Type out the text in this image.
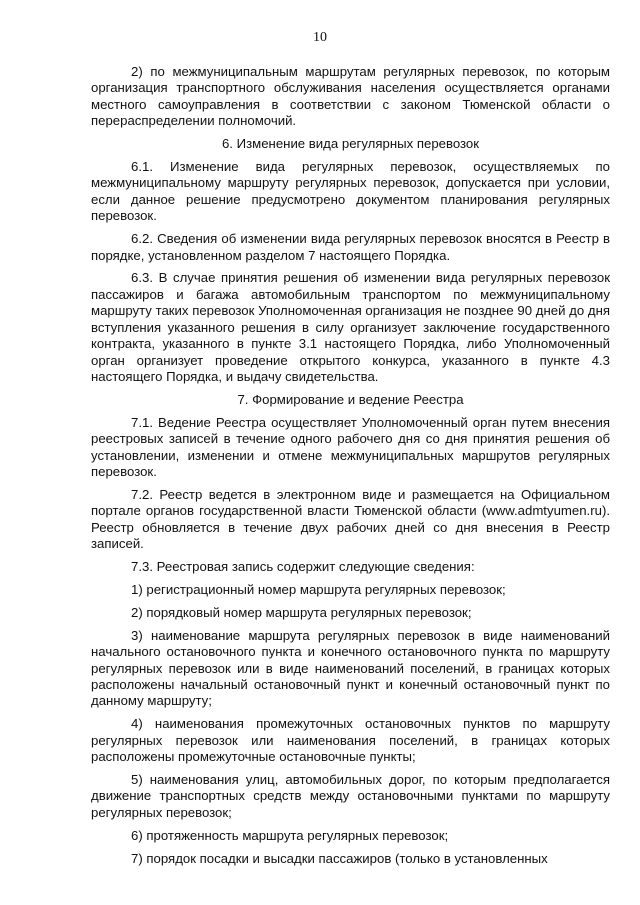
10

2) по межмуниципальным маршрутам регулярных перевозок, по которым организация транспортного обслуживания населения осуществляется органами местного самоуправления в соответствии с законом Тюменской области о перераспределении полномочий.

6. Изменение вида регулярных перевозок

6.1. Изменение вида регулярных перевозок, осуществляемых по межмуниципальному маршруту регулярных перевозок, допускается при условии, если данное решение предусмотрено документом планирования регулярных перевозок.

6.2. Сведения об изменении вида регулярных перевозок вносятся в Реестр в порядке, установленном разделом 7 настоящего Порядка.

6.3. В случае принятия решения об изменении вида регулярных перевозок пассажиров и багажа автомобильным транспортом по межмуниципальному маршруту таких перевозок Уполномоченная организация не позднее 90 дней до дня вступления указанного решения в силу организует заключение государственного контракта, указанного в пункте 3.1 настоящего Порядка, либо Уполномоченный орган организует проведение открытого конкурса, указанного в пункте 4.3 настоящего Порядка, и выдачу свидетельства.

7. Формирование и ведение Реестра

7.1. Ведение Реестра осуществляет Уполномоченный орган путем внесения реестровых записей в течение одного рабочего дня со дня принятия решения об установлении, изменении и отмене межмуниципальных маршрутов регулярных перевозок.

7.2. Реестр ведется в электронном виде и размещается на Официальном портале органов государственной власти Тюменской области (www.admtyumen.ru). Реестр обновляется в течение двух рабочих дней со дня внесения в Реестр записей.

7.3. Реестровая запись содержит следующие сведения:

1) регистрационный номер маршрута регулярных перевозок;

2) порядковый номер маршрута регулярных перевозок;

3) наименование маршрута регулярных перевозок в виде наименований начального остановочного пункта и конечного остановочного пункта по маршруту регулярных перевозок или в виде наименований поселений, в границах которых расположены начальный остановочный пункт и конечный остановочный пункт по данному маршруту;

4) наименования промежуточных остановочных пунктов по маршруту регулярных перевозок или наименования поселений, в границах которых расположены промежуточные остановочные пункты;

5) наименования улиц, автомобильных дорог, по которым предполагается движение транспортных средств между остановочными пунктами по маршруту регулярных перевозок;

6) протяженность маршрута регулярных перевозок;

7) порядок посадки и высадки пассажиров (только в установленных
